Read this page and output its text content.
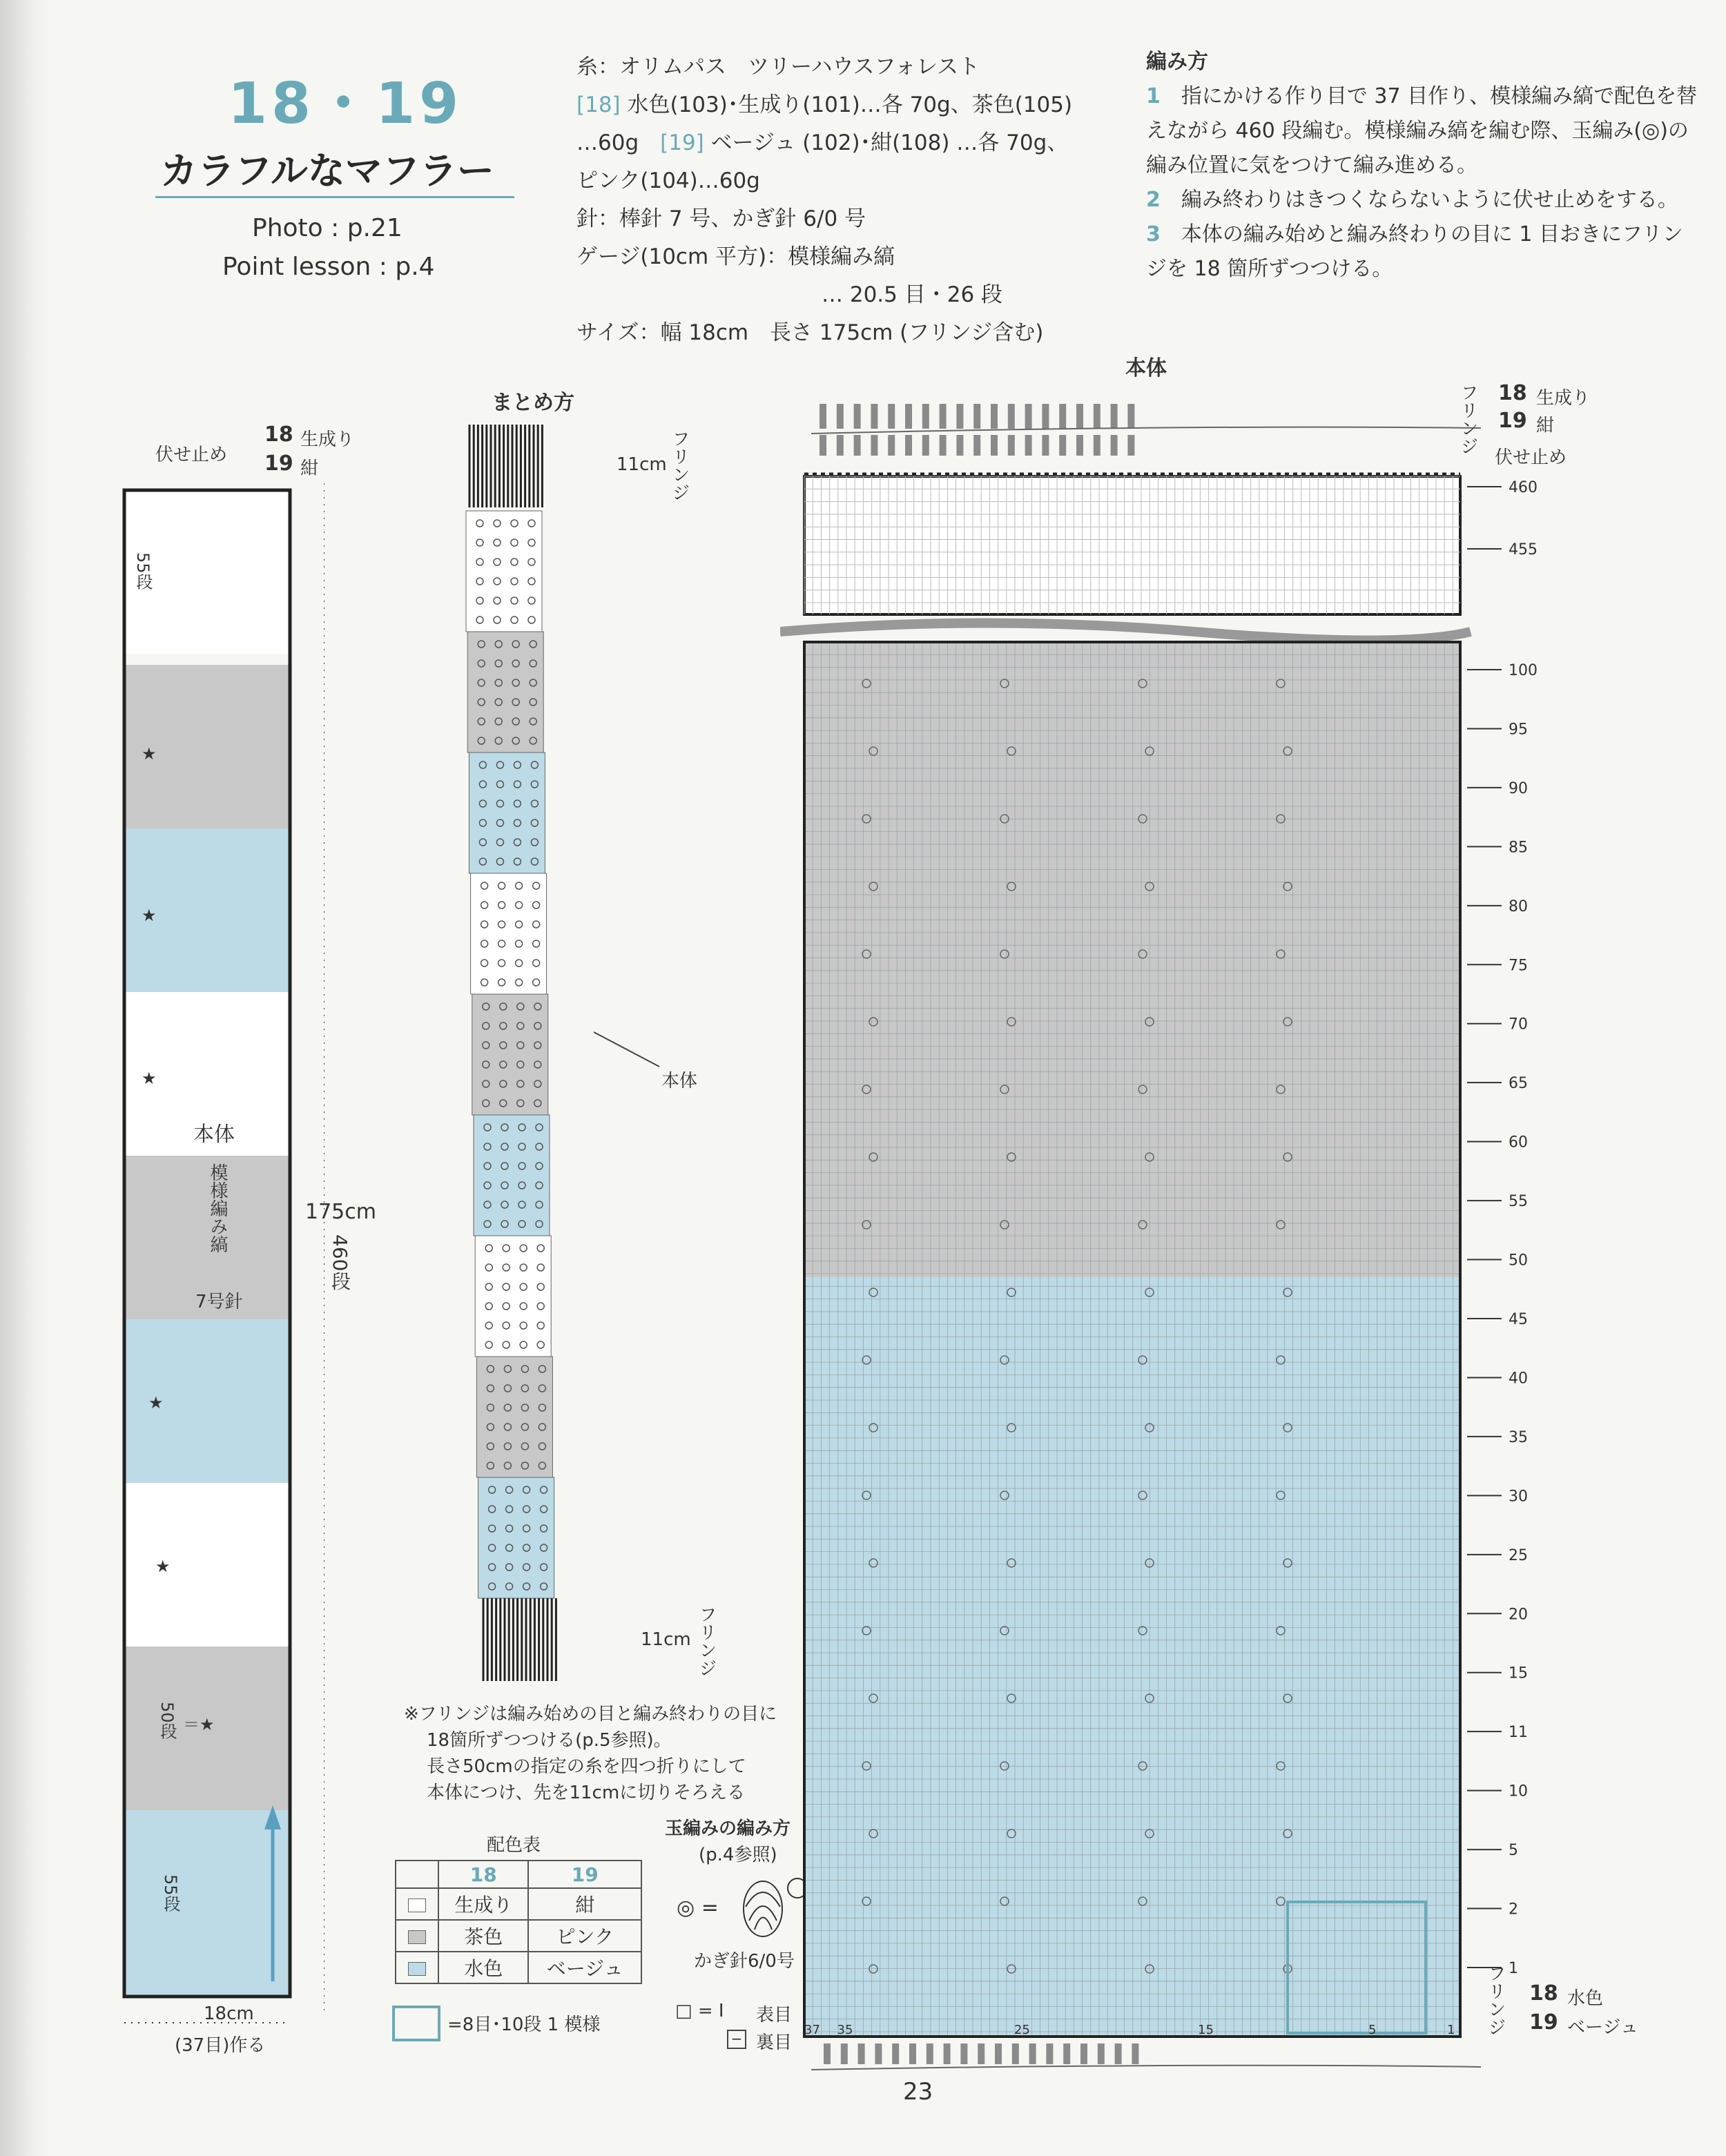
18・19
カラフルなマフラー
Photo : p.21
Point lesson : p.4
糸：オリムパス　ツリーハウスフォレスト
[18] 水色(103)･生成り(101)…各 70g、茶色(105)
…60g　 [19] ベージュ (102)･紺(108) …各 70g、
ピンク(104)…60g
針：棒針 7 号、かぎ針 6/0 号
ゲージ(10cm 平方)：模様編み縞
… 20.5 目・26 段
サイズ：幅 18cm　長さ 175cm (フリンジ含む)
編み方
1　 指にかける作り目で 37 目作り、模様編み縞で配色を替えながら 460 段編む。模様編み縞を編む際、玉編み(◎)の編み位置に気をつけて編み進める。
2　 編み終わりはきつくならないように伏せ止めをする。
3　 本体の編み始めと編み終わりの目に 1 目おきにフリンジを 18 箇所ずつつける。
伏せ止め
18 生成り
19 紺
55段
★
★
★
★
★
本体
模様編み縞
7号針
175cm
460段
50段 ＝★
55段
18cm
(37目)作る
まとめ方
11cm フリンジ
本体
11cm フリンジ
※フリンジは編み始めの目と編み終わりの目に
18箇所ずつつける(p.5参照)。
長さ50cmの指定の糸を四つ折りにして
本体につけ、先を11cmに切りそろえる
配色表
	18	19
	生成り	紺
	茶色	ピンク
	水色	ベージュ
玉編みの編み方
(p.4参照)
◎ =
かぎ針6/0号
=8目･10段 1 模様
□ = Ⅰ 表目
− 裏目
本体
37 35	25	15	5	1
460
455
100
95
90
85
80
75
70
65
60
55
50
45
40
35
30
25
20
15
11
10
5
2
1
フリンジ 18 生成り
19 紺
伏せ止め
フリンジ 18 水色
19 ベージュ
23
